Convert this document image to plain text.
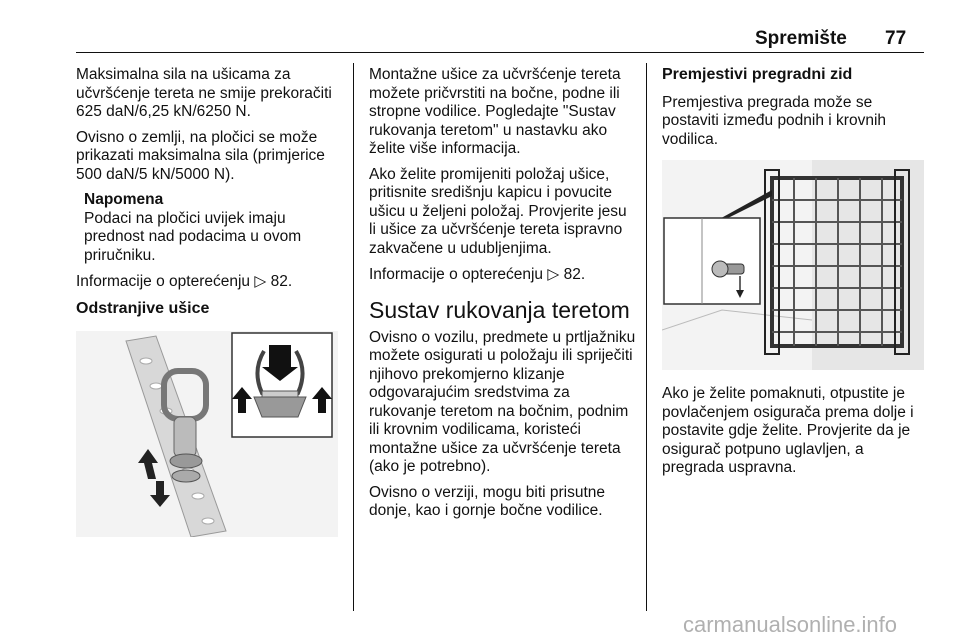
Spremište 77

Maksimalna sila na ušicama za učvršćenje tereta ne smije prekoračiti 625 daN/6,25 kN/6250 N.

Ovisno o zemlji, na pločici se može prikazati maksimalna sila (primjerice 500 daN/5 kN/5000 N).

Napomena
Podaci na pločici uvijek imaju prednost nad podacima u ovom priručniku.

Informacije o opterećenju ▷ 82.

Odstranjive ušice

Montažne ušice za učvršćenje tereta možete pričvrstiti na bočne, podne ili stropne vodilice. Pogledajte "Sustav rukovanja teretom" u nastavku ako želite više informacija.

Ako želite promijeniti položaj ušice, pritisnite središnju kapicu i povucite ušicu u željeni položaj. Provjerite jesu li ušice za učvršćenje tereta ispravno zakvačene u udubljenjima.

Informacije o opterećenju ▷ 82.

Sustav rukovanja teretom

Ovisno o vozilu, predmete u prtljažniku možete osigurati u položaju ili spriječiti njihovo prekomjerno klizanje odgovarajućim sredstvima za rukovanje teretom na bočnim, podnim ili krovnim vodilicama, koristeći montažne ušice za učvršćenje tereta (ako je potrebno).

Ovisno o verziji, mogu biti prisutne donje, kao i gornje bočne vodilice.

Premjestivi pregradni zid

Premjestiva pregrada može se postaviti između podnih i krovnih vodilica.

Ako je želite pomaknuti, otpustite je povlačenjem osigurača prema dolje i postavite gdje želite. Provjerite da je osigurač potpuno uglavljen, a pregrada uspravna.

carmanualsonline.info
